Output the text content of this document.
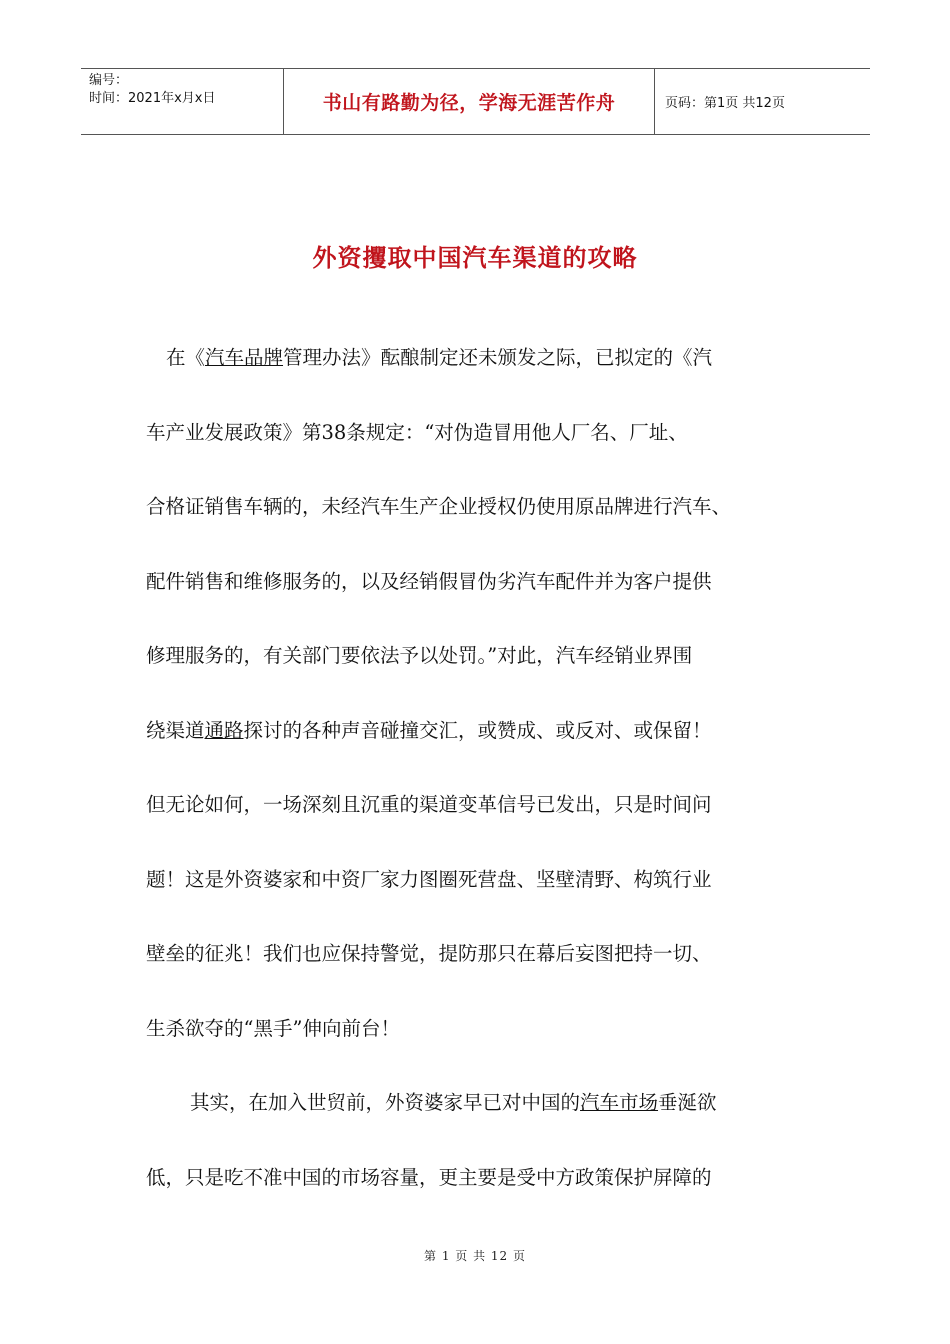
编号：
时间：2021年x月x日	书山有路勤为径，学海无涯苦作舟	页码：第1页 共12页
外资攫取中国汽车渠道的攻略
在《汽车品牌管理办法》酝酿制定还未颁发之际，已拟定的《汽
车产业发展政策》第38条规定：“对伪造冒用他人厂名、厂址、
合格证销售车辆的，未经汽车生产企业授权仍使用原品牌进行汽车、
配件销售和维修服务的，以及经销假冒伪劣汽车配件并为客户提供
修理服务的，有关部门要依法予以处罚。”对此，汽车经销业界围
绕渠道通路探讨的各种声音碰撞交汇，或赞成、或反对、或保留！
但无论如何，一场深刻且沉重的渠道变革信号已发出，只是时间问
题！这是外资婆家和中资厂家力图圈死营盘、坚壁清野、构筑行业
壁垒的征兆！我们也应保持警觉，提防那只在幕后妄图把持一切、
生杀欲夺的“黑手”伸向前台！
其实，在加入世贸前，外资婆家早已对中国的汽车市场垂涎欲
低，只是吃不准中国的市场容量，更主要是受中方政策保护屏障的
第 1 页 共 12 页
